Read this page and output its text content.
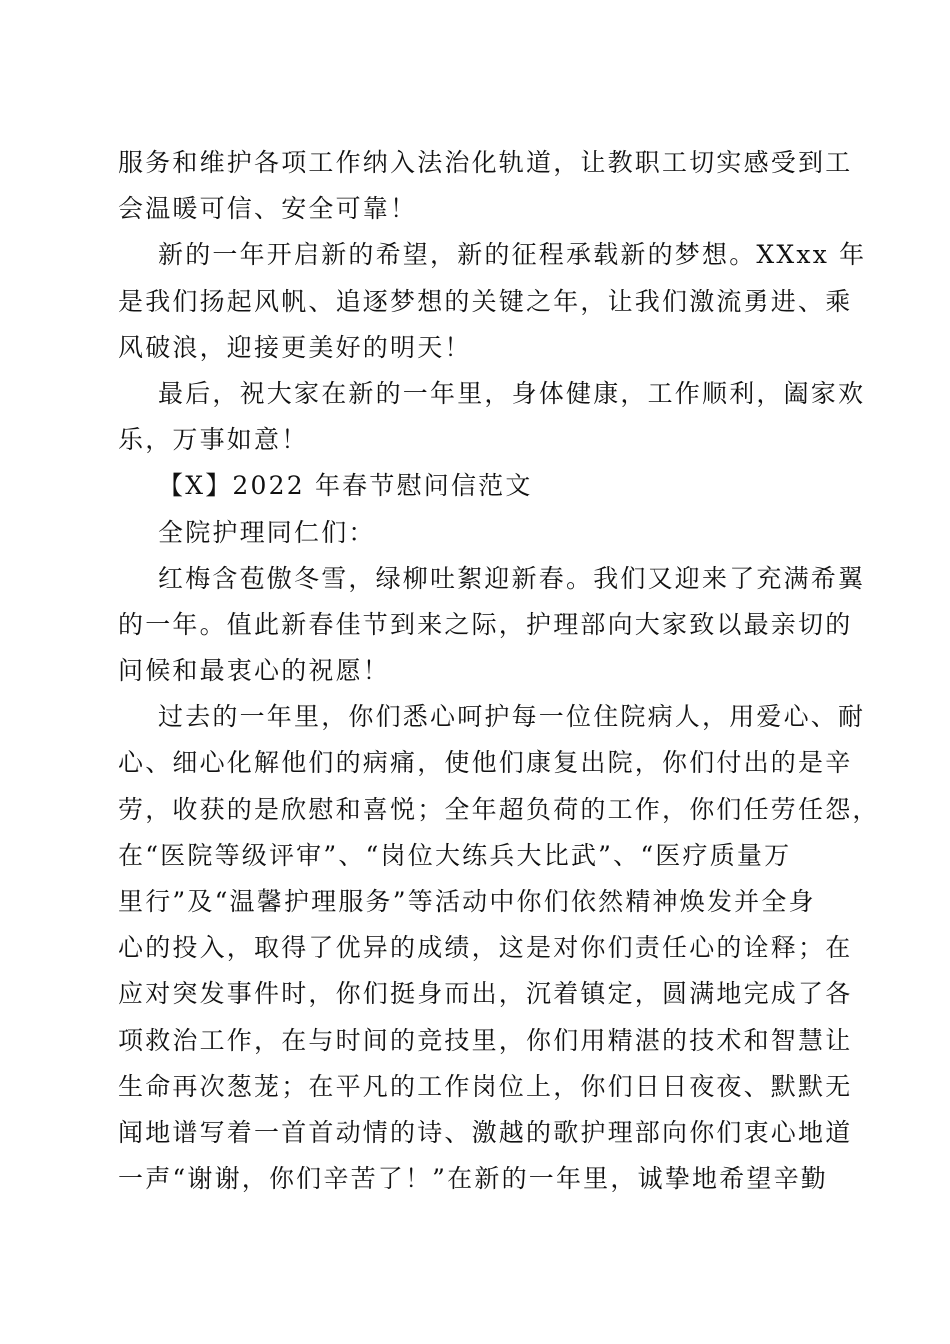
服务和维护各项工作纳入法治化轨道，让教职工切实感受到工
会温暖可信、安全可靠！
新的一年开启新的希望，新的征程承载新的梦想。XXxx 年
是我们扬起风帆、追逐梦想的关键之年，让我们激流勇进、乘
风破浪，迎接更美好的明天！
最后，祝大家在新的一年里，身体健康，工作顺利，阖家欢
乐，万事如意！
【X】2022 年春节慰问信范文
全院护理同仁们：
红梅含苞傲冬雪，绿柳吐絮迎新春。我们又迎来了充满希翼
的一年。值此新春佳节到来之际，护理部向大家致以最亲切的
问候和最衷心的祝愿！
过去的一年里，你们悉心呵护每一位住院病人，用爱心、耐
心、细心化解他们的病痛，使他们康复出院，你们付出的是辛
劳，收获的是欣慰和喜悦；全年超负荷的工作，你们任劳任怨，
在“医院等级评审”、“岗位大练兵大比武”、“医疗质量万
里行”及“温馨护理服务”等活动中你们依然精神焕发并全身
心的投入，取得了优异的成绩，这是对你们责任心的诠释；在
应对突发事件时，你们挺身而出，沉着镇定，圆满地完成了各
项救治工作，在与时间的竞技里，你们用精湛的技术和智慧让
生命再次葱茏；在平凡的工作岗位上，你们日日夜夜、默默无
闻地谱写着一首首动情的诗、激越的歌护理部向你们衷心地道
一声“谢谢，你们辛苦了！”在新的一年里，诚挚地希望辛勤
